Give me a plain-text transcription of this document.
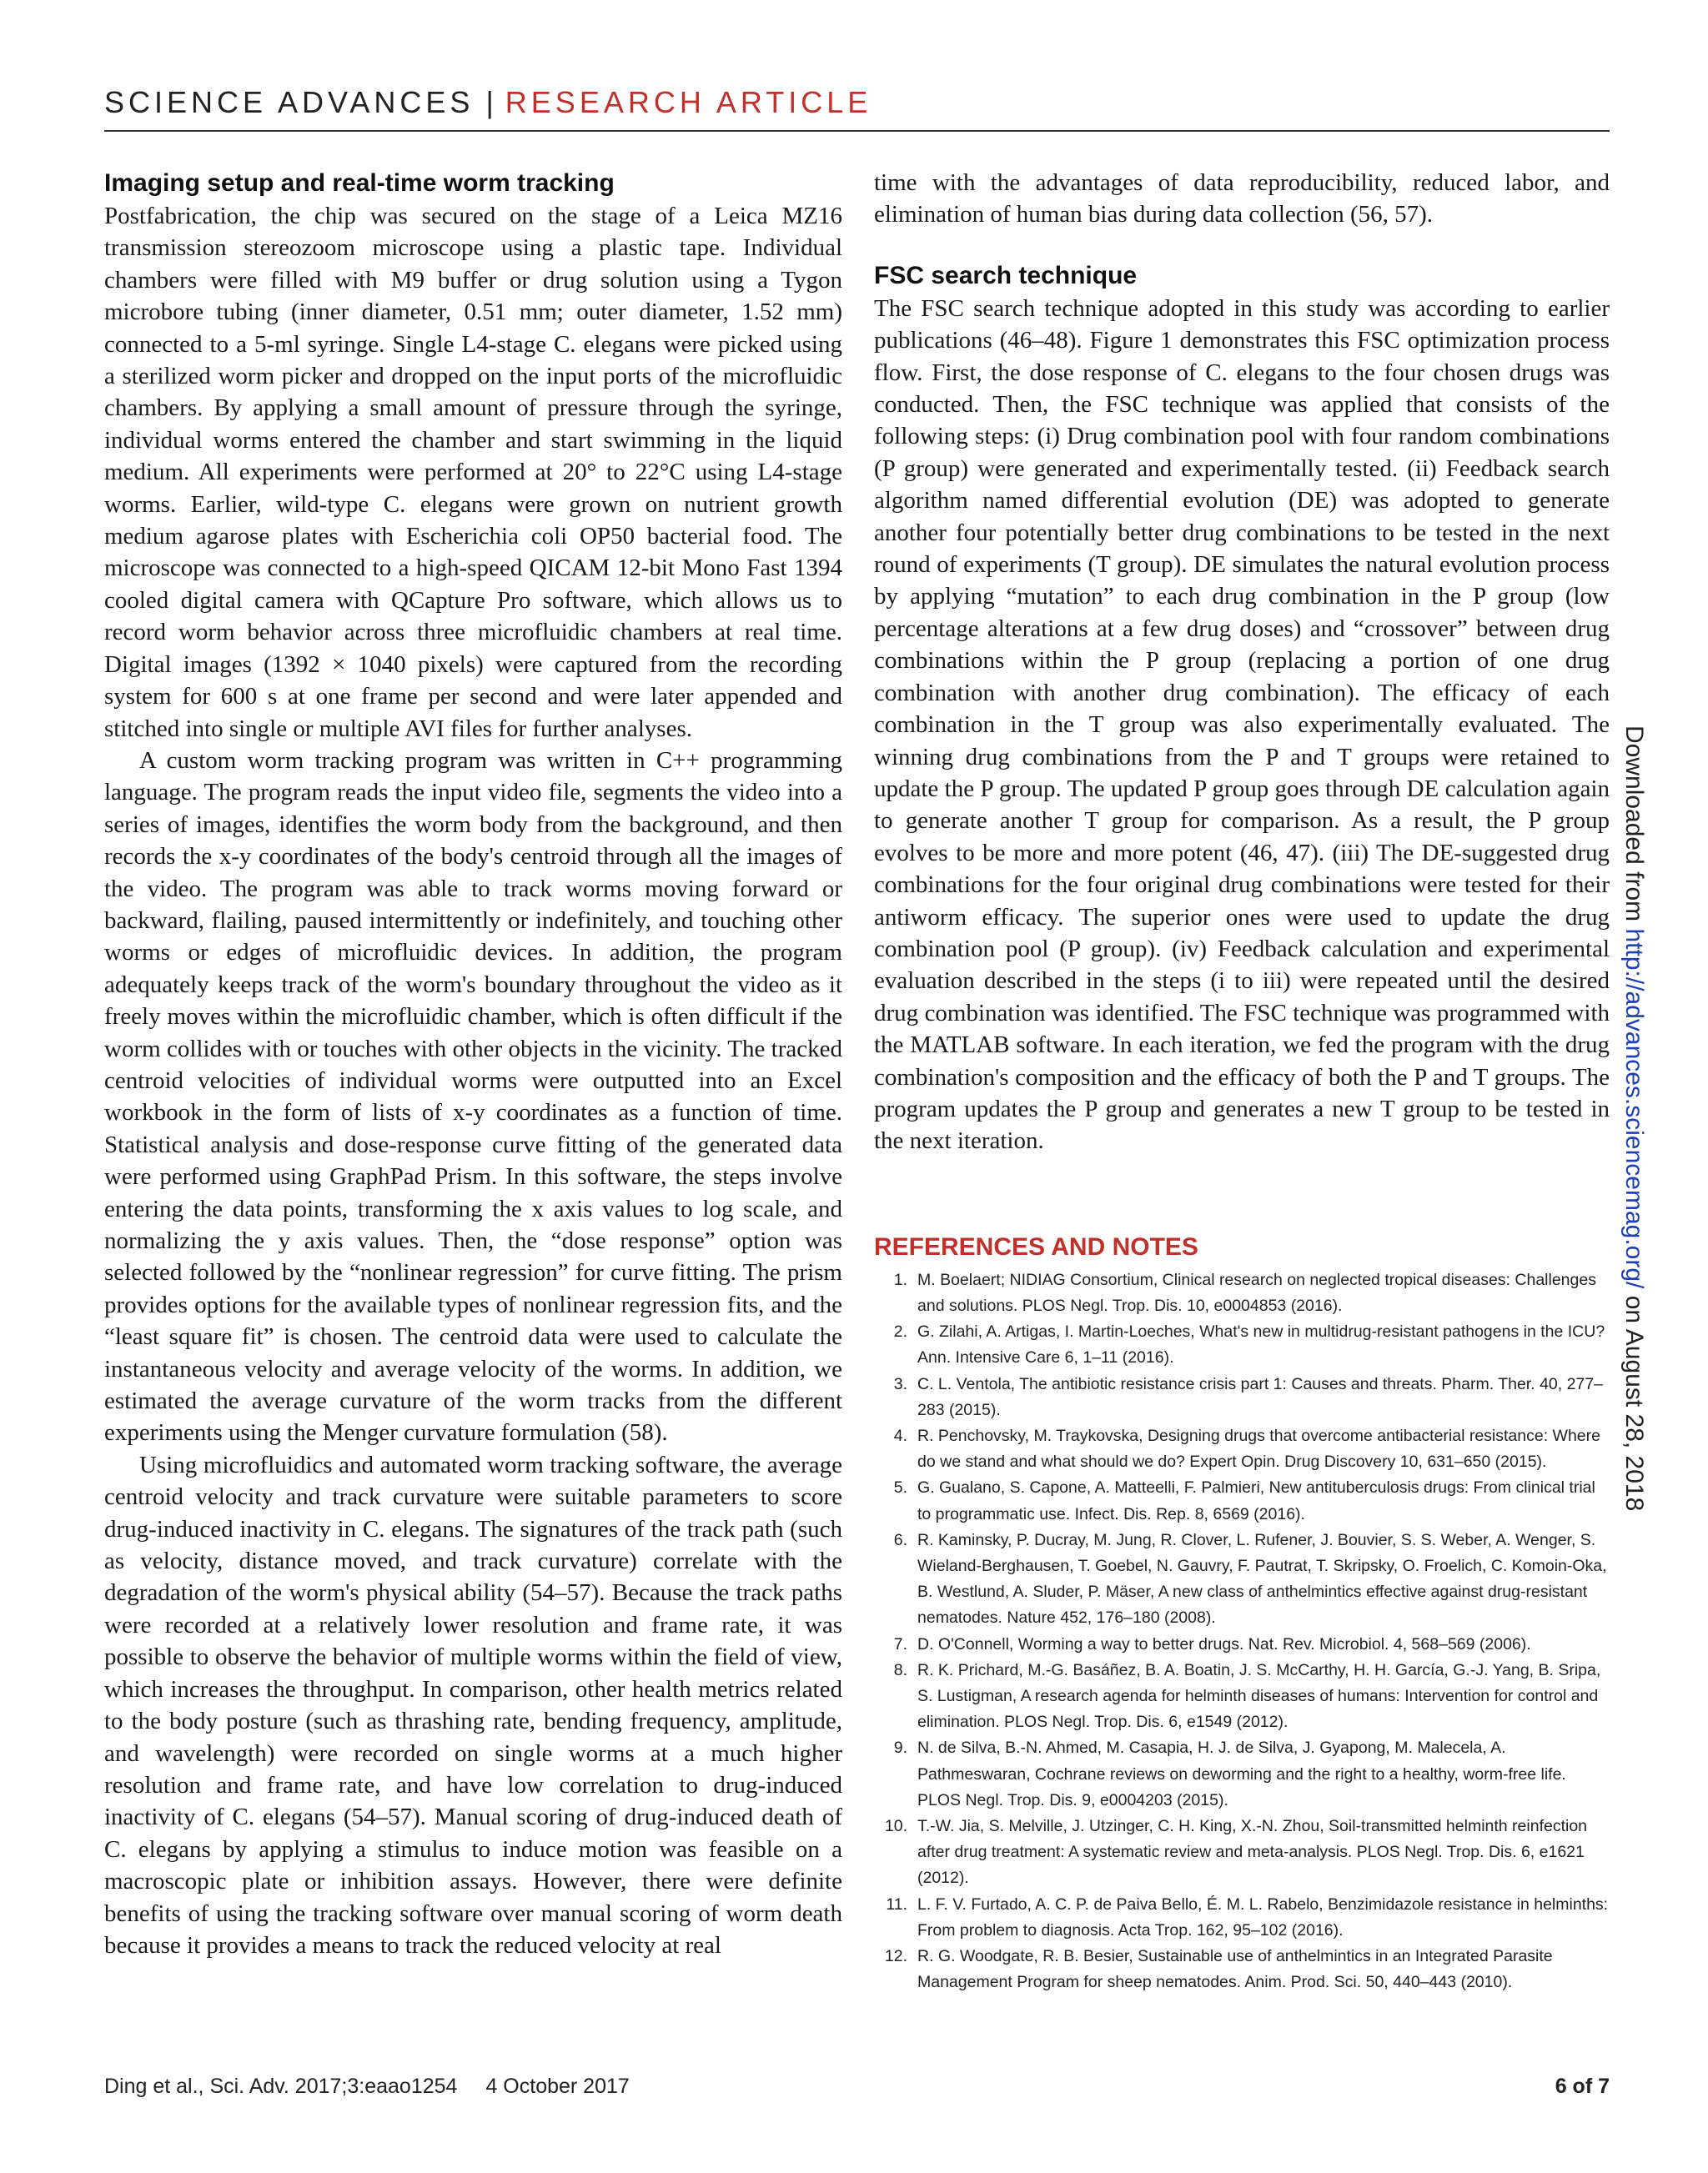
SCIENCE ADVANCES | RESEARCH ARTICLE
Imaging setup and real-time worm tracking

Postfabrication, the chip was secured on the stage of a Leica MZ16 transmission stereozoom microscope using a plastic tape. Individual chambers were filled with M9 buffer or drug solution using a Tygon microbore tubing (inner diameter, 0.51 mm; outer diameter, 1.52 mm) connected to a 5-ml syringe. Single L4-stage C. elegans were picked using a sterilized worm picker and dropped on the input ports of the microfluidic chambers. By applying a small amount of pressure through the syringe, individual worms entered the chamber and start swimming in the liquid medium. All experiments were performed at 20° to 22°C using L4-stage worms. Earlier, wild-type C. elegans were grown on nutrient growth medium agarose plates with Escherichia coli OP50 bacterial food. The microscope was connected to a high-speed QICAM 12-bit Mono Fast 1394 cooled digital camera with QCapture Pro software, which allows us to record worm behavior across three microfluidic chambers at real time. Digital images (1392 × 1040 pixels) were captured from the recording system for 600 s at one frame per second and were later appended and stitched into single or multiple AVI files for further analyses.

A custom worm tracking program was written in C++ programming language. The program reads the input video file, segments the video into a series of images, identifies the worm body from the background, and then records the x-y coordinates of the body's centroid through all the images of the video. The program was able to track worms moving forward or backward, flailing, paused intermittently or indefinitely, and touching other worms or edges of microfluidic devices. In addition, the program adequately keeps track of the worm's boundary throughout the video as it freely moves within the microfluidic chamber, which is often difficult if the worm collides with or touches with other objects in the vicinity. The tracked centroid velocities of individual worms were outputted into an Excel workbook in the form of lists of x-y coordinates as a function of time. Statistical analysis and dose-response curve fitting of the generated data were performed using GraphPad Prism. In this software, the steps involve entering the data points, transforming the x axis values to log scale, and normalizing the y axis values. Then, the “dose response” option was selected followed by the “nonlinear regression” for curve fitting. The prism provides options for the available types of nonlinear regression fits, and the “least square fit” is chosen. The centroid data were used to calculate the instantaneous velocity and average velocity of the worms. In addition, we estimated the average curvature of the worm tracks from the different experiments using the Menger curvature formulation (58).

Using microfluidics and automated worm tracking software, the average centroid velocity and track curvature were suitable parameters to score drug-induced inactivity in C. elegans. The signatures of the track path (such as velocity, distance moved, and track curvature) correlate with the degradation of the worm's physical ability (54–57). Because the track paths were recorded at a relatively lower resolution and frame rate, it was possible to observe the behavior of multiple worms within the field of view, which increases the throughput. In comparison, other health metrics related to the body posture (such as thrashing rate, bending frequency, amplitude, and wavelength) were recorded on single worms at a much higher resolution and frame rate, and have low correlation to drug-induced inactivity of C. elegans (54–57). Manual scoring of drug-induced death of C. elegans by applying a stimulus to induce motion was feasible on a macroscopic plate or inhibition assays. However, there were definite benefits of using the tracking software over manual scoring of worm death because it provides a means to track the reduced velocity at real

time with the advantages of data reproducibility, reduced labor, and elimination of human bias during data collection (56, 57).

FSC search technique

The FSC search technique adopted in this study was according to earlier publications (46–48). Figure 1 demonstrates this FSC optimization process flow. First, the dose response of C. elegans to the four chosen drugs was conducted. Then, the FSC technique was applied that consists of the following steps: (i) Drug combination pool with four random combinations (P group) were generated and experimentally tested. (ii) Feedback search algorithm named differential evolution (DE) was adopted to generate another four potentially better drug combinations to be tested in the next round of experiments (T group). DE simulates the natural evolution process by applying “mutation” to each drug combination in the P group (low percentage alterations at a few drug doses) and “crossover” between drug combinations within the P group (replacing a portion of one drug combination with another drug combination). The efficacy of each combination in the T group was also experimentally evaluated. The winning drug combinations from the P and T groups were retained to update the P group. The updated P group goes through DE calculation again to generate another T group for comparison. As a result, the P group evolves to be more and more potent (46, 47). (iii) The DE-suggested drug combinations for the four original drug combinations were tested for their antiworm efficacy. The superior ones were used to update the drug combination pool (P group). (iv) Feedback calculation and experimental evaluation described in the steps (i to iii) were repeated until the desired drug combination was identified. The FSC technique was programmed with the MATLAB software. In each iteration, we fed the program with the drug combination's composition and the efficacy of both the P and T groups. The program updates the P group and generates a new T group to be tested in the next iteration.

REFERENCES AND NOTES
1. M. Boelaert; NIDIAG Consortium, Clinical research on neglected tropical diseases: Challenges and solutions. PLOS Negl. Trop. Dis. 10, e0004853 (2016).
2. G. Zilahi, A. Artigas, I. Martin-Loeches, What's new in multidrug-resistant pathogens in the ICU? Ann. Intensive Care 6, 1–11 (2016).
3. C. L. Ventola, The antibiotic resistance crisis part 1: Causes and threats. Pharm. Ther. 40, 277–283 (2015).
4. R. Penchovsky, M. Traykovska, Designing drugs that overcome antibacterial resistance: Where do we stand and what should we do? Expert Opin. Drug Discovery 10, 631–650 (2015).
5. G. Gualano, S. Capone, A. Matteelli, F. Palmieri, New antituberculosis drugs: From clinical trial to programmatic use. Infect. Dis. Rep. 8, 6569 (2016).
6. R. Kaminsky, P. Ducray, M. Jung, R. Clover, L. Rufener, J. Bouvier, S. S. Weber, A. Wenger, S. Wieland-Berghausen, T. Goebel, N. Gauvry, F. Pautrat, T. Skripsky, O. Froelich, C. Komoin-Oka, B. Westlund, A. Sluder, P. Mäser, A new class of anthelmintics effective against drug-resistant nematodes. Nature 452, 176–180 (2008).
7. D. O'Connell, Worming a way to better drugs. Nat. Rev. Microbiol. 4, 568–569 (2006).
8. R. K. Prichard, M.-G. Basáñez, B. A. Boatin, J. S. McCarthy, H. H. García, G.-J. Yang, B. Sripa, S. Lustigman, A research agenda for helminth diseases of humans: Intervention for control and elimination. PLOS Negl. Trop. Dis. 6, e1549 (2012).
9. N. de Silva, B.-N. Ahmed, M. Casapia, H. J. de Silva, J. Gyapong, M. Malecela, A. Pathmeswaran, Cochrane reviews on deworming and the right to a healthy, worm-free life. PLOS Negl. Trop. Dis. 9, e0004203 (2015).
10. T.-W. Jia, S. Melville, J. Utzinger, C. H. King, X.-N. Zhou, Soil-transmitted helminth reinfection after drug treatment: A systematic review and meta-analysis. PLOS Negl. Trop. Dis. 6, e1621 (2012).
11. L. F. V. Furtado, A. C. P. de Paiva Bello, É. M. L. Rabelo, Benzimidazole resistance in helminths: From problem to diagnosis. Acta Trop. 162, 95–102 (2016).
12. R. G. Woodgate, R. B. Besier, Sustainable use of anthelmintics in an Integrated Parasite Management Program for sheep nematodes. Anim. Prod. Sci. 50, 440–443 (2010).
Downloaded from http://advances.sciencemag.org/ on August 28, 2018
Ding et al., Sci. Adv. 2017;3:eaao1254 4 October 2017	6 of 7
